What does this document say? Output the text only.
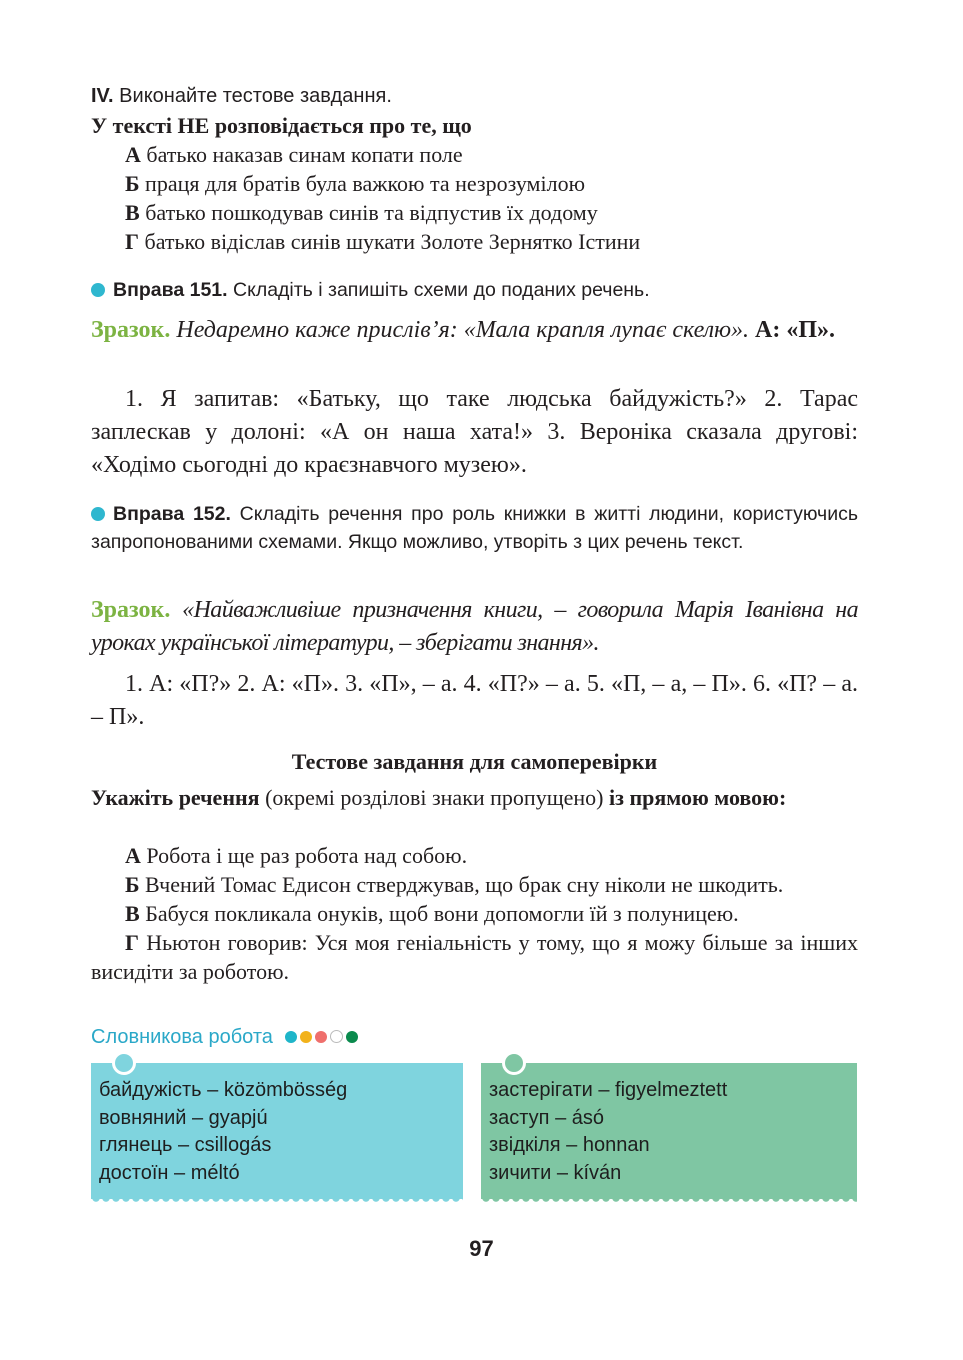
IV. Виконайте тестове завдання.
У тексті НЕ розповідається про те, що
А батько наказав синам копати поле
Б праця для братів була важкою та незрозумілою
В батько пошкодував синів та відпустив їх додому
Г батько відіслав синів шукати Золоте Зернятко Істини
Вправа 151. Складіть і запишіть схеми до поданих речень.
Зразок. Недаремно каже прислів’я: «Мала крапля лупає скелю». А: «П».
1. Я запитав: «Батьку, що таке людська байдужість?» 2. Тарас заплескав у долоні: «А он наша хата!» 3. Вероніка сказала другові: «Ходімо сьогодні до краєзнавчого музею».
Вправа 152. Складіть речення про роль книжки в житті людини, користуючись запропонованими схемами. Якщо можливо, утворіть з цих речень текст.
Зразок. «Найважливіше призначення книги, – говорила Марія Іванівна на уроках української літератури, – зберігати знання».
1. А: «П?» 2. А: «П». 3. «П», – а. 4. «П?» – а. 5. «П, – а, – П». 6. «П? – а. – П».
Тестове завдання для самоперевірки
Укажіть речення (окремі розділові знаки пропущено) із прямою мовою:
А Робота і ще раз робота над собою.
Б Вчений Томас Едисон стверджував, що брак сну ніколи не шкодить.
В Бабуся покликала онуків, щоб вони допомогли їй з полуницею.
Г Ньютон говорив: Уся моя геніальність у тому, що я можу більше за інших висидіти за роботою.
Словникова робота
байдужість – közömbösség
вовняний – gyapjú
глянець – csillogás
достоїн – méltó
застерігати – figyelmeztett
заступ – ásó
звідкіля – honnan
зичити – kíván
97
